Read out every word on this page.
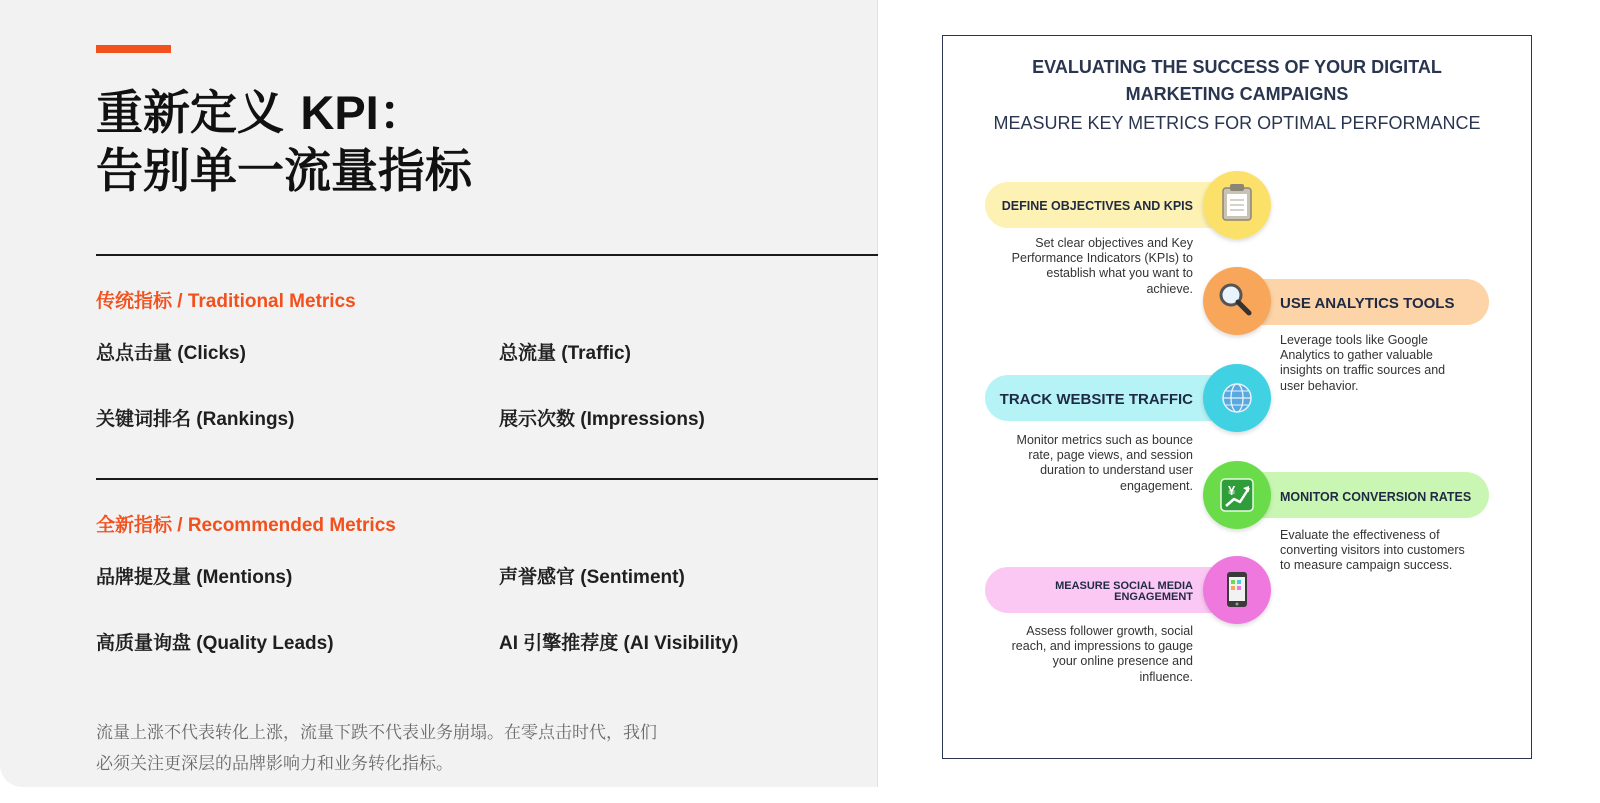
重新定义 KPI：
告别单一流量指标
传统指标 / Traditional Metrics
总点击量 (Clicks)	总流量 (Traffic)
关键词排名 (Rankings)	展示次数 (Impressions)
全新指标 / Recommended Metrics
品牌提及量 (Mentions)	声誉感官 (Sentiment)
高质量询盘 (Quality Leads)	AI 引擎推荐度 (AI Visibility)

流量上涨不代表转化上涨，流量下跌不代表业务崩塌。在零点击时代，我们
必须关注更深层的品牌影响力和业务转化指标。

EVALUATING THE SUCCESS OF YOUR DIGITAL
MARKETING CAMPAIGNS
MEASURE KEY METRICS FOR OPTIMAL PERFORMANCE
DEFINE OBJECTIVES AND KPIS
Set clear objectives and Key
Performance Indicators (KPIs) to
establish what you want to
achieve.
USE ANALYTICS TOOLS
Leverage tools like Google
Analytics to gather valuable
insights on traffic sources and
user behavior.
TRACK WEBSITE TRAFFIC
Monitor metrics such as bounce
rate, page views, and session
duration to understand user
engagement.	¥	MONITOR CONVERSION RATES
Evaluate the effectiveness of
converting visitors into customers
to measure campaign success.
MEASURE SOCIAL MEDIA
ENGAGEMENT
Assess follower growth, social
reach, and impressions to gauge
your online presence and
influence.
